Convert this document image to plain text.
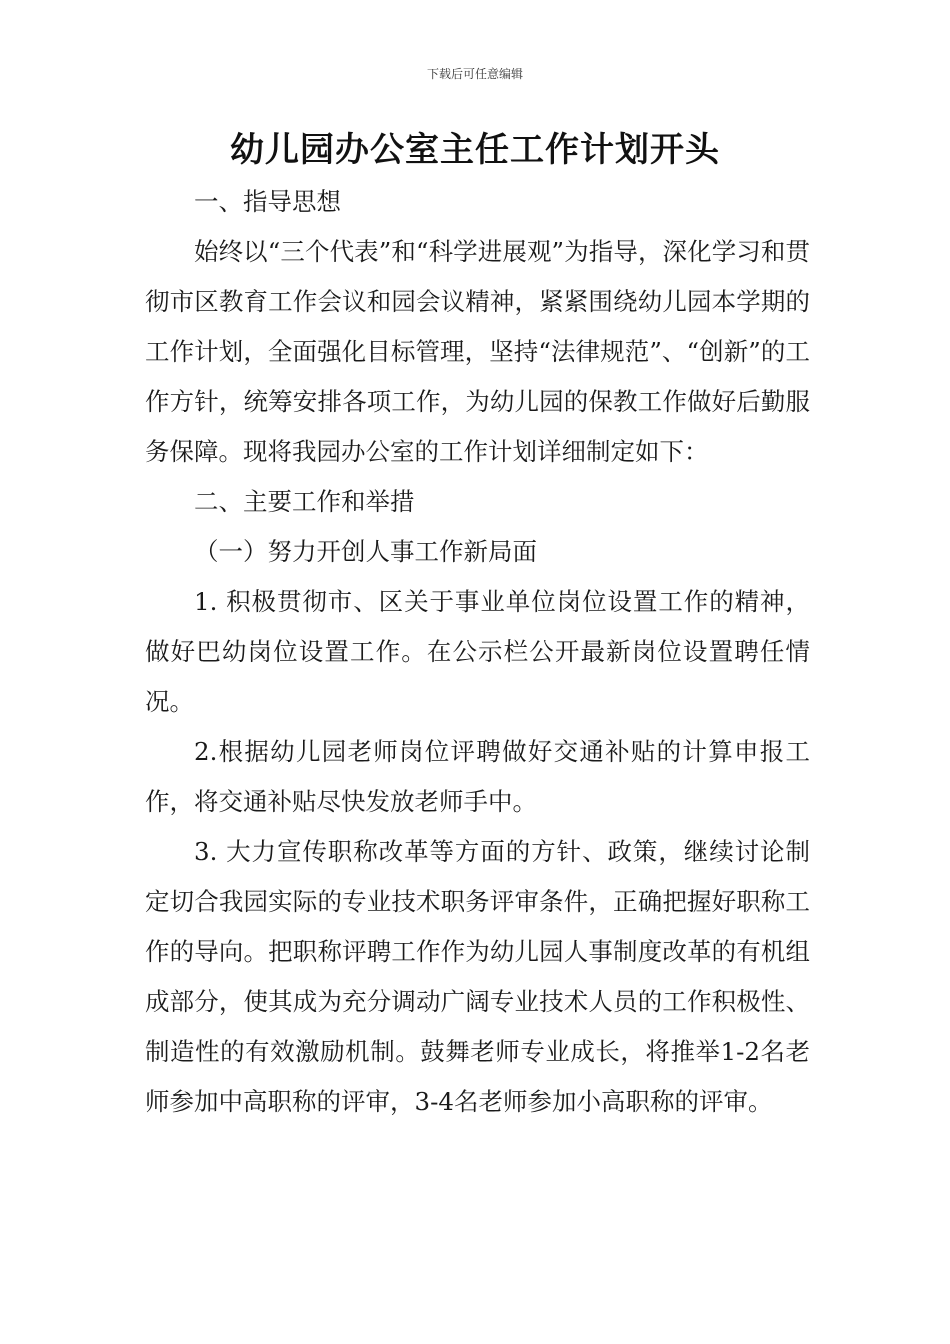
下载后可任意编辑
幼儿园办公室主任工作计划开头

一、指导思想

始终以“三个代表”和“科学进展观”为指导，深化学习和贯彻市区教育工作会议和园会议精神，紧紧围绕幼儿园本学期的工作计划，全面强化目标管理，坚持“法律规范”、“创新”的工作方针，统筹安排各项工作，为幼儿园的保教工作做好后勤服务保障。现将我园办公室的工作计划详细制定如下：

二、主要工作和举措

（一）努力开创人事工作新局面

1. 积极贯彻市、区关于事业单位岗位设置工作的精神，做好巴幼岗位设置工作。在公示栏公开最新岗位设置聘任情况。

2.根据幼儿园老师岗位评聘做好交通补贴的计算申报工作，将交通补贴尽快发放老师手中。

3. 大力宣传职称改革等方面的方针、政策，继续讨论制定切合我园实际的专业技术职务评审条件，正确把握好职称工作的导向。把职称评聘工作作为幼儿园人事制度改革的有机组成部分，使其成为充分调动广阔专业技术人员的工作积极性、制造性的有效激励机制。鼓舞老师专业成长，将推举1-2名老师参加中高职称的评审，3-4名老师参加小高职称的评审。
